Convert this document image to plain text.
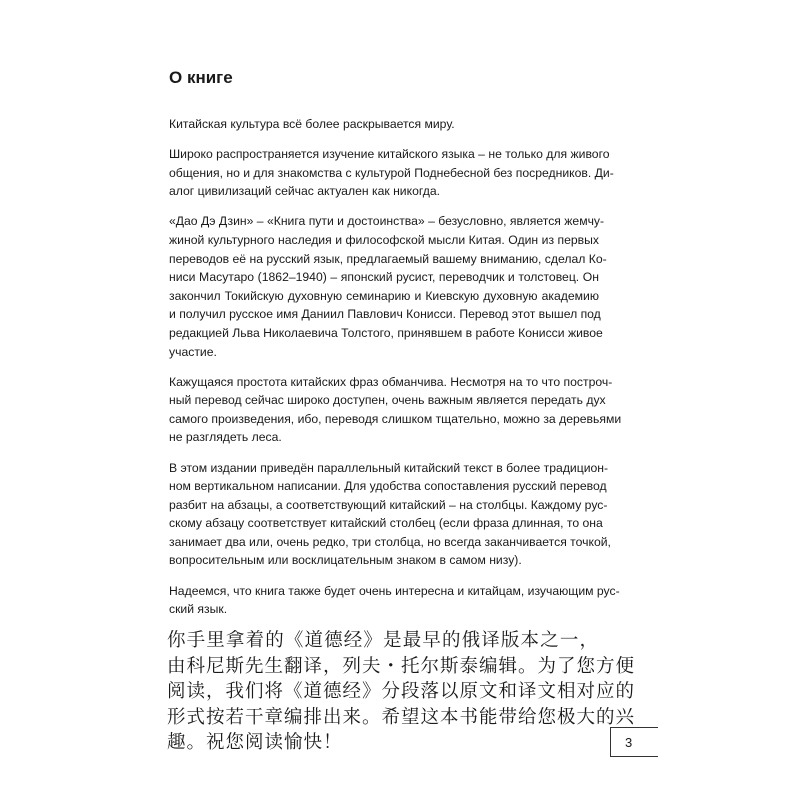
О книге

Китайская культура всё более раскрывается миру.

Широко распространяется изучение китайского языка – не только для живого
общения, но и для знакомства с культурой Поднебесной без посредников. Ди-
алог цивилизаций сейчас актуален как никогда.

«Дао Дэ Дзин» – «Книга пути и достоинства» – безусловно, является жемчу-
жиной культурного наследия и философской мысли Китая. Один из первых
переводов её на русский язык, предлагаемый вашему вниманию, сделал Ко-
ниси Масутаро (1862–1940) – японский русист, переводчик и толстовец. Он
закончил Токийскую духовную семинарию и Киевскую духовную академию
и получил русское имя Даниил Павлович Конисси. Перевод этот вышел под
редакцией Льва Николаевича Толстого, принявшем в работе Конисси живое
участие.

Кажущаяся простота китайских фраз обманчива. Несмотря на то что построч-
ный перевод сейчас широко доступен, очень важным является передать дух
самого произведения, ибо, переводя слишком тщательно, можно за деревьями
не разглядеть леса.

В этом издании приведён параллельный китайский текст в более традицион-
ном вертикальном написании. Для удобства сопоставления русский перевод
разбит на абзацы, а соответствующий китайский – на столбцы. Каждому рус-
скому абзацу соответствует китайский столбец (если фраза длинная, то она
занимает два или, очень редко, три столбца, но всегда заканчивается точкой,
вопросительным или восклицательным знаком в самом низу).

Надеемся, что книга также будет очень интересна и китайцам, изучающим рус-
ский язык.

你手里拿着的《道德经》是最早的俄译版本之一，
由科尼斯先生翻译，列夫・托尔斯泰编辑。为了您方便
阅读，我们将《道德经》分段落以原文和译文相对应的
形式按若干章编排出来。希望这本书能带给您极大的兴
趣。祝您阅读愉快！	3
